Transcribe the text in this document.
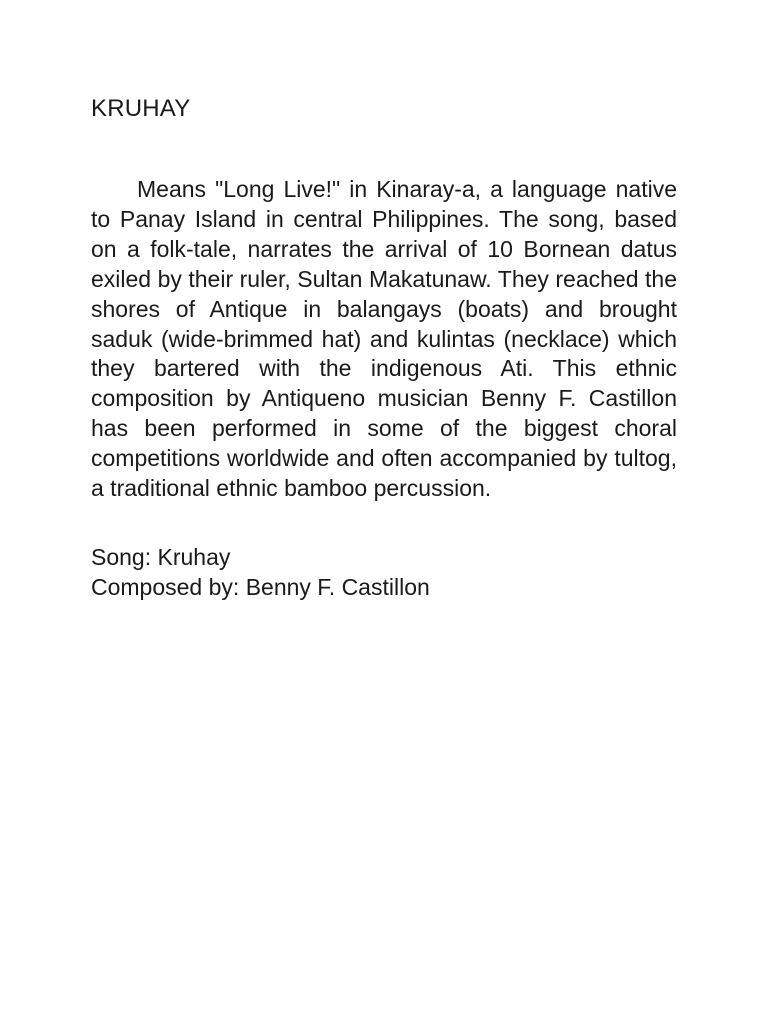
KRUHAY

Means "Long Live!" in Kinaray-a, a language native to Panay Island in central Philippines. The song, based on a folk-tale, narrates the arrival of 10 Bornean datus exiled by their ruler, Sultan Makatunaw. They reached the shores of Antique in balangays (boats) and brought saduk (wide-brimmed hat) and kulintas (necklace) which they bartered with the indigenous Ati. This ethnic composition by Antiqueno musician Benny F. Castillon has been performed in some of the biggest choral competitions worldwide and often accompanied by tultog, a traditional ethnic bamboo percussion.

Song: Kruhay
Composed by: Benny F. Castillon
